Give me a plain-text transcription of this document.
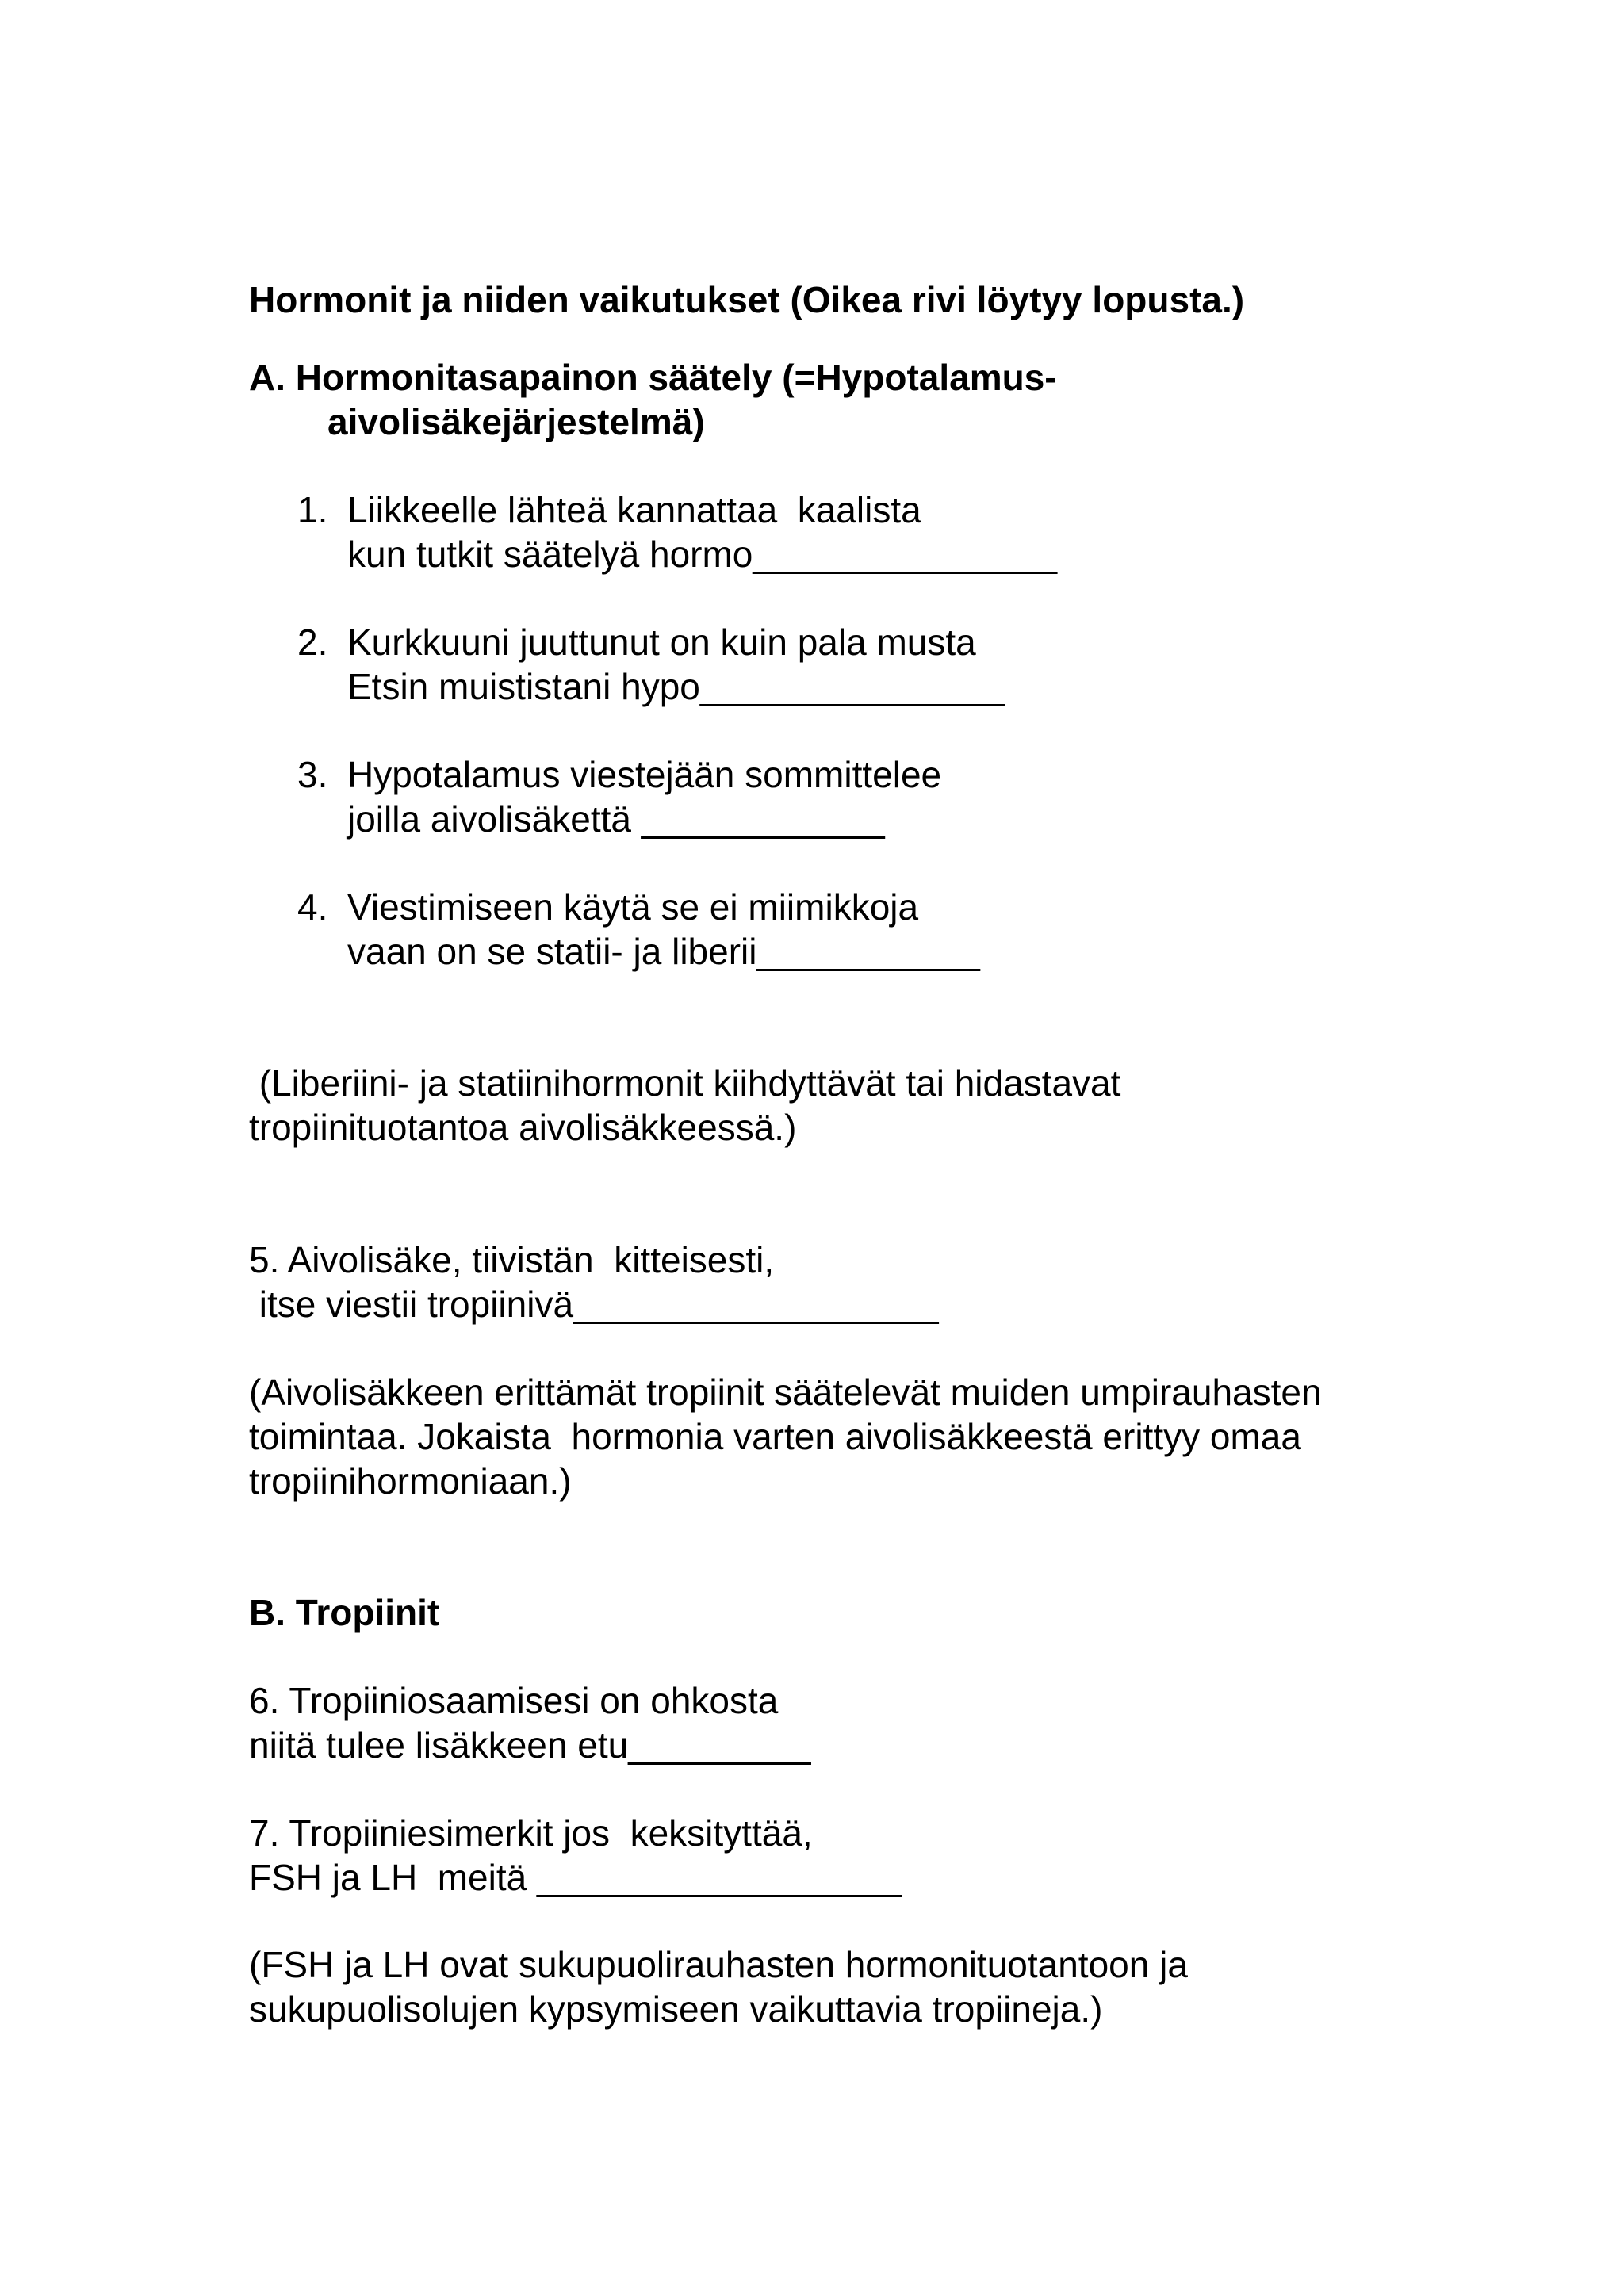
Hormonit ja niiden vaikutukset (Oikea rivi löytyy lopusta.)
A. Hormonitasapainon säätely (=Hypotalamus-
aivolisäkejärjestelmä)
1. Liikkeelle lähteä kannattaa  kaalista
kun tutkit säätelyä hormo_______________
2. Kurkkuuni juuttunut on kuin pala musta
Etsin muististani hypo_______________
3. Hypotalamus viestejään sommittelee
joilla aivolisäkettä ____________
4. Viestimiseen käytä se ei miimikkoja
vaan on se statii- ja liberii___________
(Liberiini- ja statiinihormonit kiihdyttävät tai hidastavat
tropiinituotantoa aivolisäkkeessä.)
5. Aivolisäke, tiivistän  kitteisesti,
itse viestii tropiinivä__________________
(Aivolisäkkeen erittämät tropiinit säätelevät muiden umpirauhasten
toimintaa. Jokaista  hormonia varten aivolisäkkeestä erittyy omaa
tropiinihormoniaan.)
B. Tropiinit
6. Tropiiniosaamisesi on ohkosta
niitä tulee lisäkkeen etu_________
7. Tropiiniesimerkit jos  keksityttää,
FSH ja LH  meitä __________________
(FSH ja LH ovat sukupuolirauhasten hormonituotantoon ja
sukupuolisolujen kypsymiseen vaikuttavia tropiineja.)
